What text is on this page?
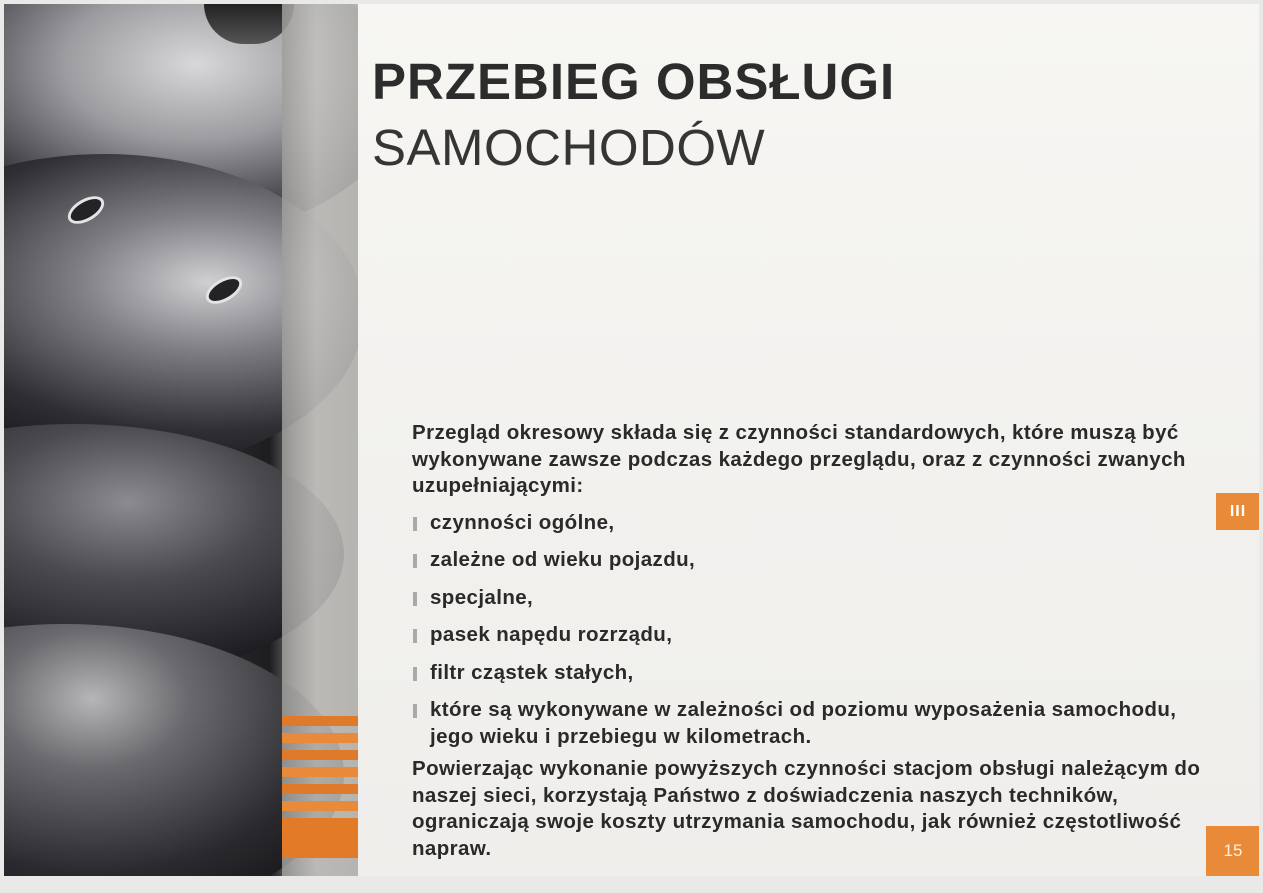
PRZEBIEG OBSŁUGI
SAMOCHODÓW

Przegląd okresowy składa się z czynności standardowych, które muszą być wykonywane zawsze podczas każdego przeglądu, oraz z czynności zwanych uzupełniającymi:

czynności ogólne,
zależne od wieku pojazdu,
specjalne,
pasek napędu rozrządu,
filtr cząstek stałych,
które są wykonywane w zależności od poziomu wyposażenia samochodu, jego wieku i przebiegu w kilometrach.

Powierzając wykonanie powyższych czynności stacjom obsługi należącym do naszej sieci, korzystają Państwo z doświadczenia naszych techników, ograniczają swoje koszty utrzymania samochodu, jak również częstotliwość napraw.

III
15
